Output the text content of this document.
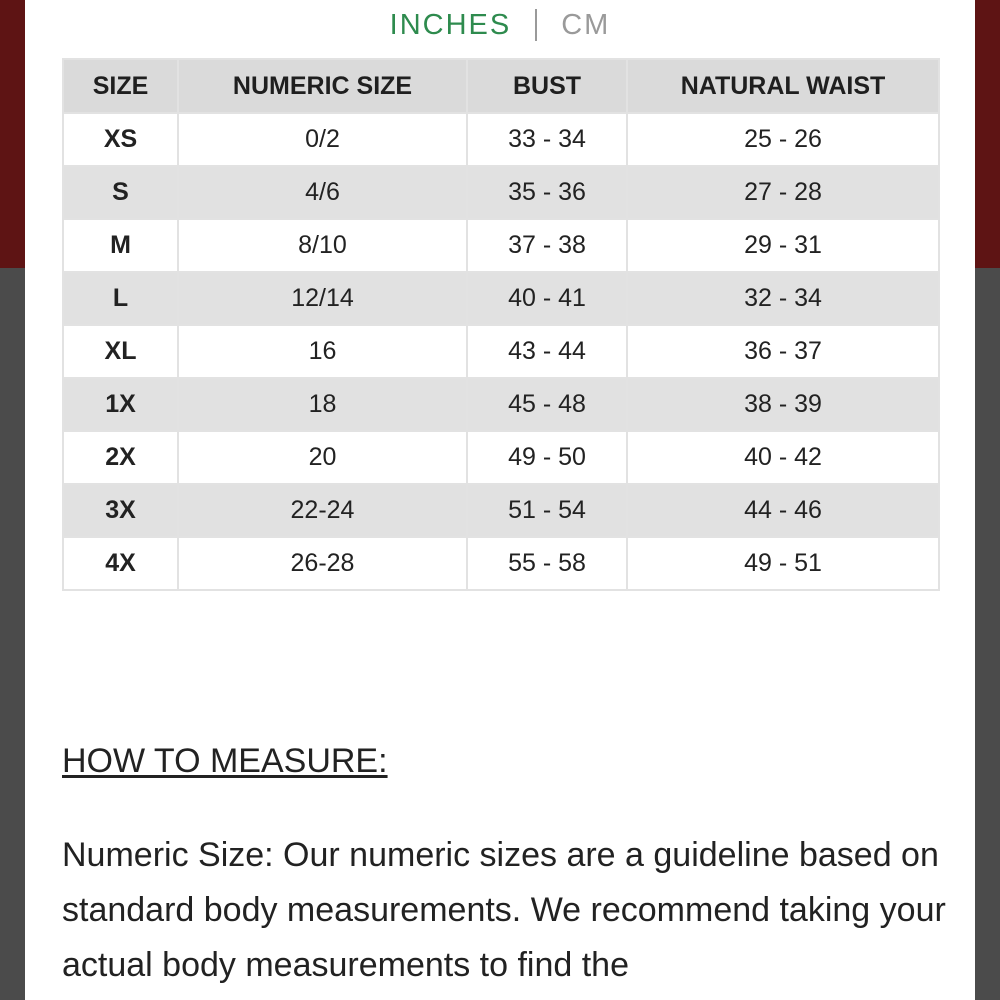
INCHES CM
SIZE	NUMERIC SIZE	BUST	NATURAL WAIST
XS	0/2	33 - 34	25 - 26
S	4/6	35 - 36	27 - 28
M	8/10	37 - 38	29 - 31
L	12/14	40 - 41	32 - 34
XL	16	43 - 44	36 - 37
1X	18	45 - 48	38 - 39
2X	20	49 - 50	40 - 42
3X	22-24	51 - 54	44 - 46
4X	26-28	55 - 58	49 - 51
HOW TO MEASURE:

Numeric Size: Our numeric sizes are a guideline based on standard body measurements. We recommend taking your actual body measurements to find the
